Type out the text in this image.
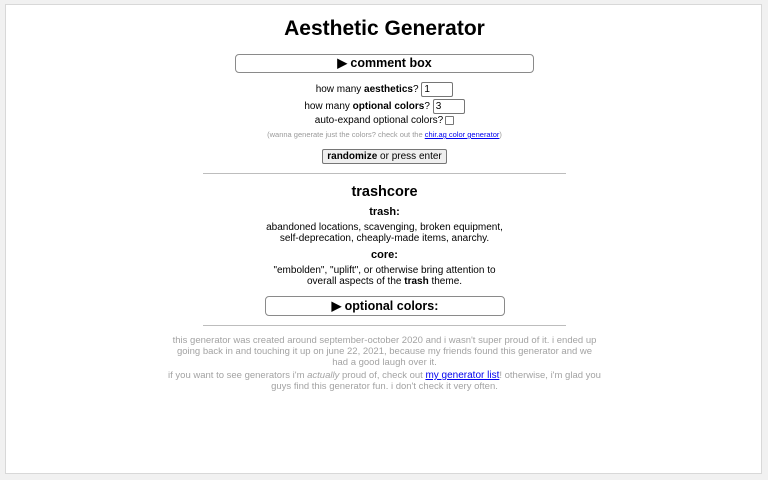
Aesthetic Generator
▶ comment box
how many aesthetics? 1
how many optional colors? 3
auto-expand optional colors?
(wanna generate just the colors? check out the chir.ag color generator)
randomize or press enter
trashcore
trash:
abandoned locations, scavenging, broken equipment,
self-deprecation, cheaply-made items, anarchy.
core:
"embolden", "uplift", or otherwise bring attention to
overall aspects of the trash theme.
▶ optional colors:
this generator was created around september-october 2020 and i wasn't super proud of it. i ended up
going back in and touching it up on june 22, 2021, because my friends found this generator and we
had a good laugh over it.
if you want to see generators i'm actually proud of, check out my generator list! otherwise, i'm glad you
guys find this generator fun. i don't check it very often.
